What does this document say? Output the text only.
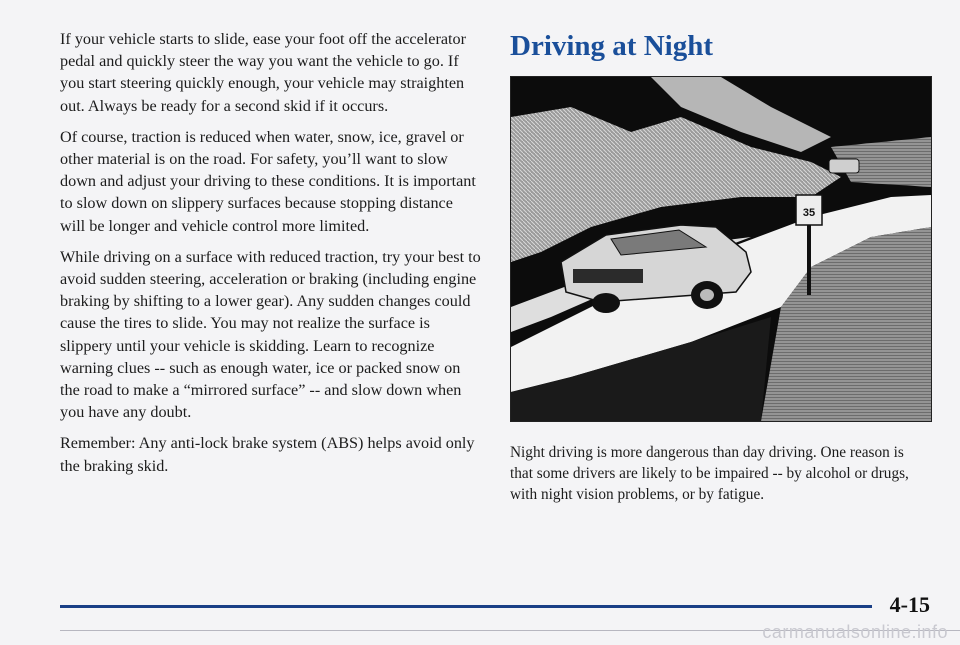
If your vehicle starts to slide, ease your foot off the accelerator pedal and quickly steer the way you want the vehicle to go. If you start steering quickly enough, your vehicle may straighten out. Always be ready for a second skid if it occurs.

Of course, traction is reduced when water, snow, ice, gravel or other material is on the road. For safety, you’ll want to slow down and adjust your driving to these conditions. It is important to slow down on slippery surfaces because stopping distance will be longer and vehicle control more limited.

While driving on a surface with reduced traction, try your best to avoid sudden steering, acceleration or braking (including engine braking by shifting to a lower gear). Any sudden changes could cause the tires to slide. You may not realize the surface is slippery until your vehicle is skidding. Learn to recognize warning clues -- such as enough water, ice or packed snow on the road to make a “mirrored surface” -- and slow down when you have any doubt.

Remember: Any anti-lock brake system (ABS) helps avoid only the braking skid.

Driving at Night
35

Night driving is more dangerous than day driving. One reason is that some drivers are likely to be impaired -- by alcohol or drugs, with night vision problems, or by fatigue.

4-15
carmanualsonline.info
